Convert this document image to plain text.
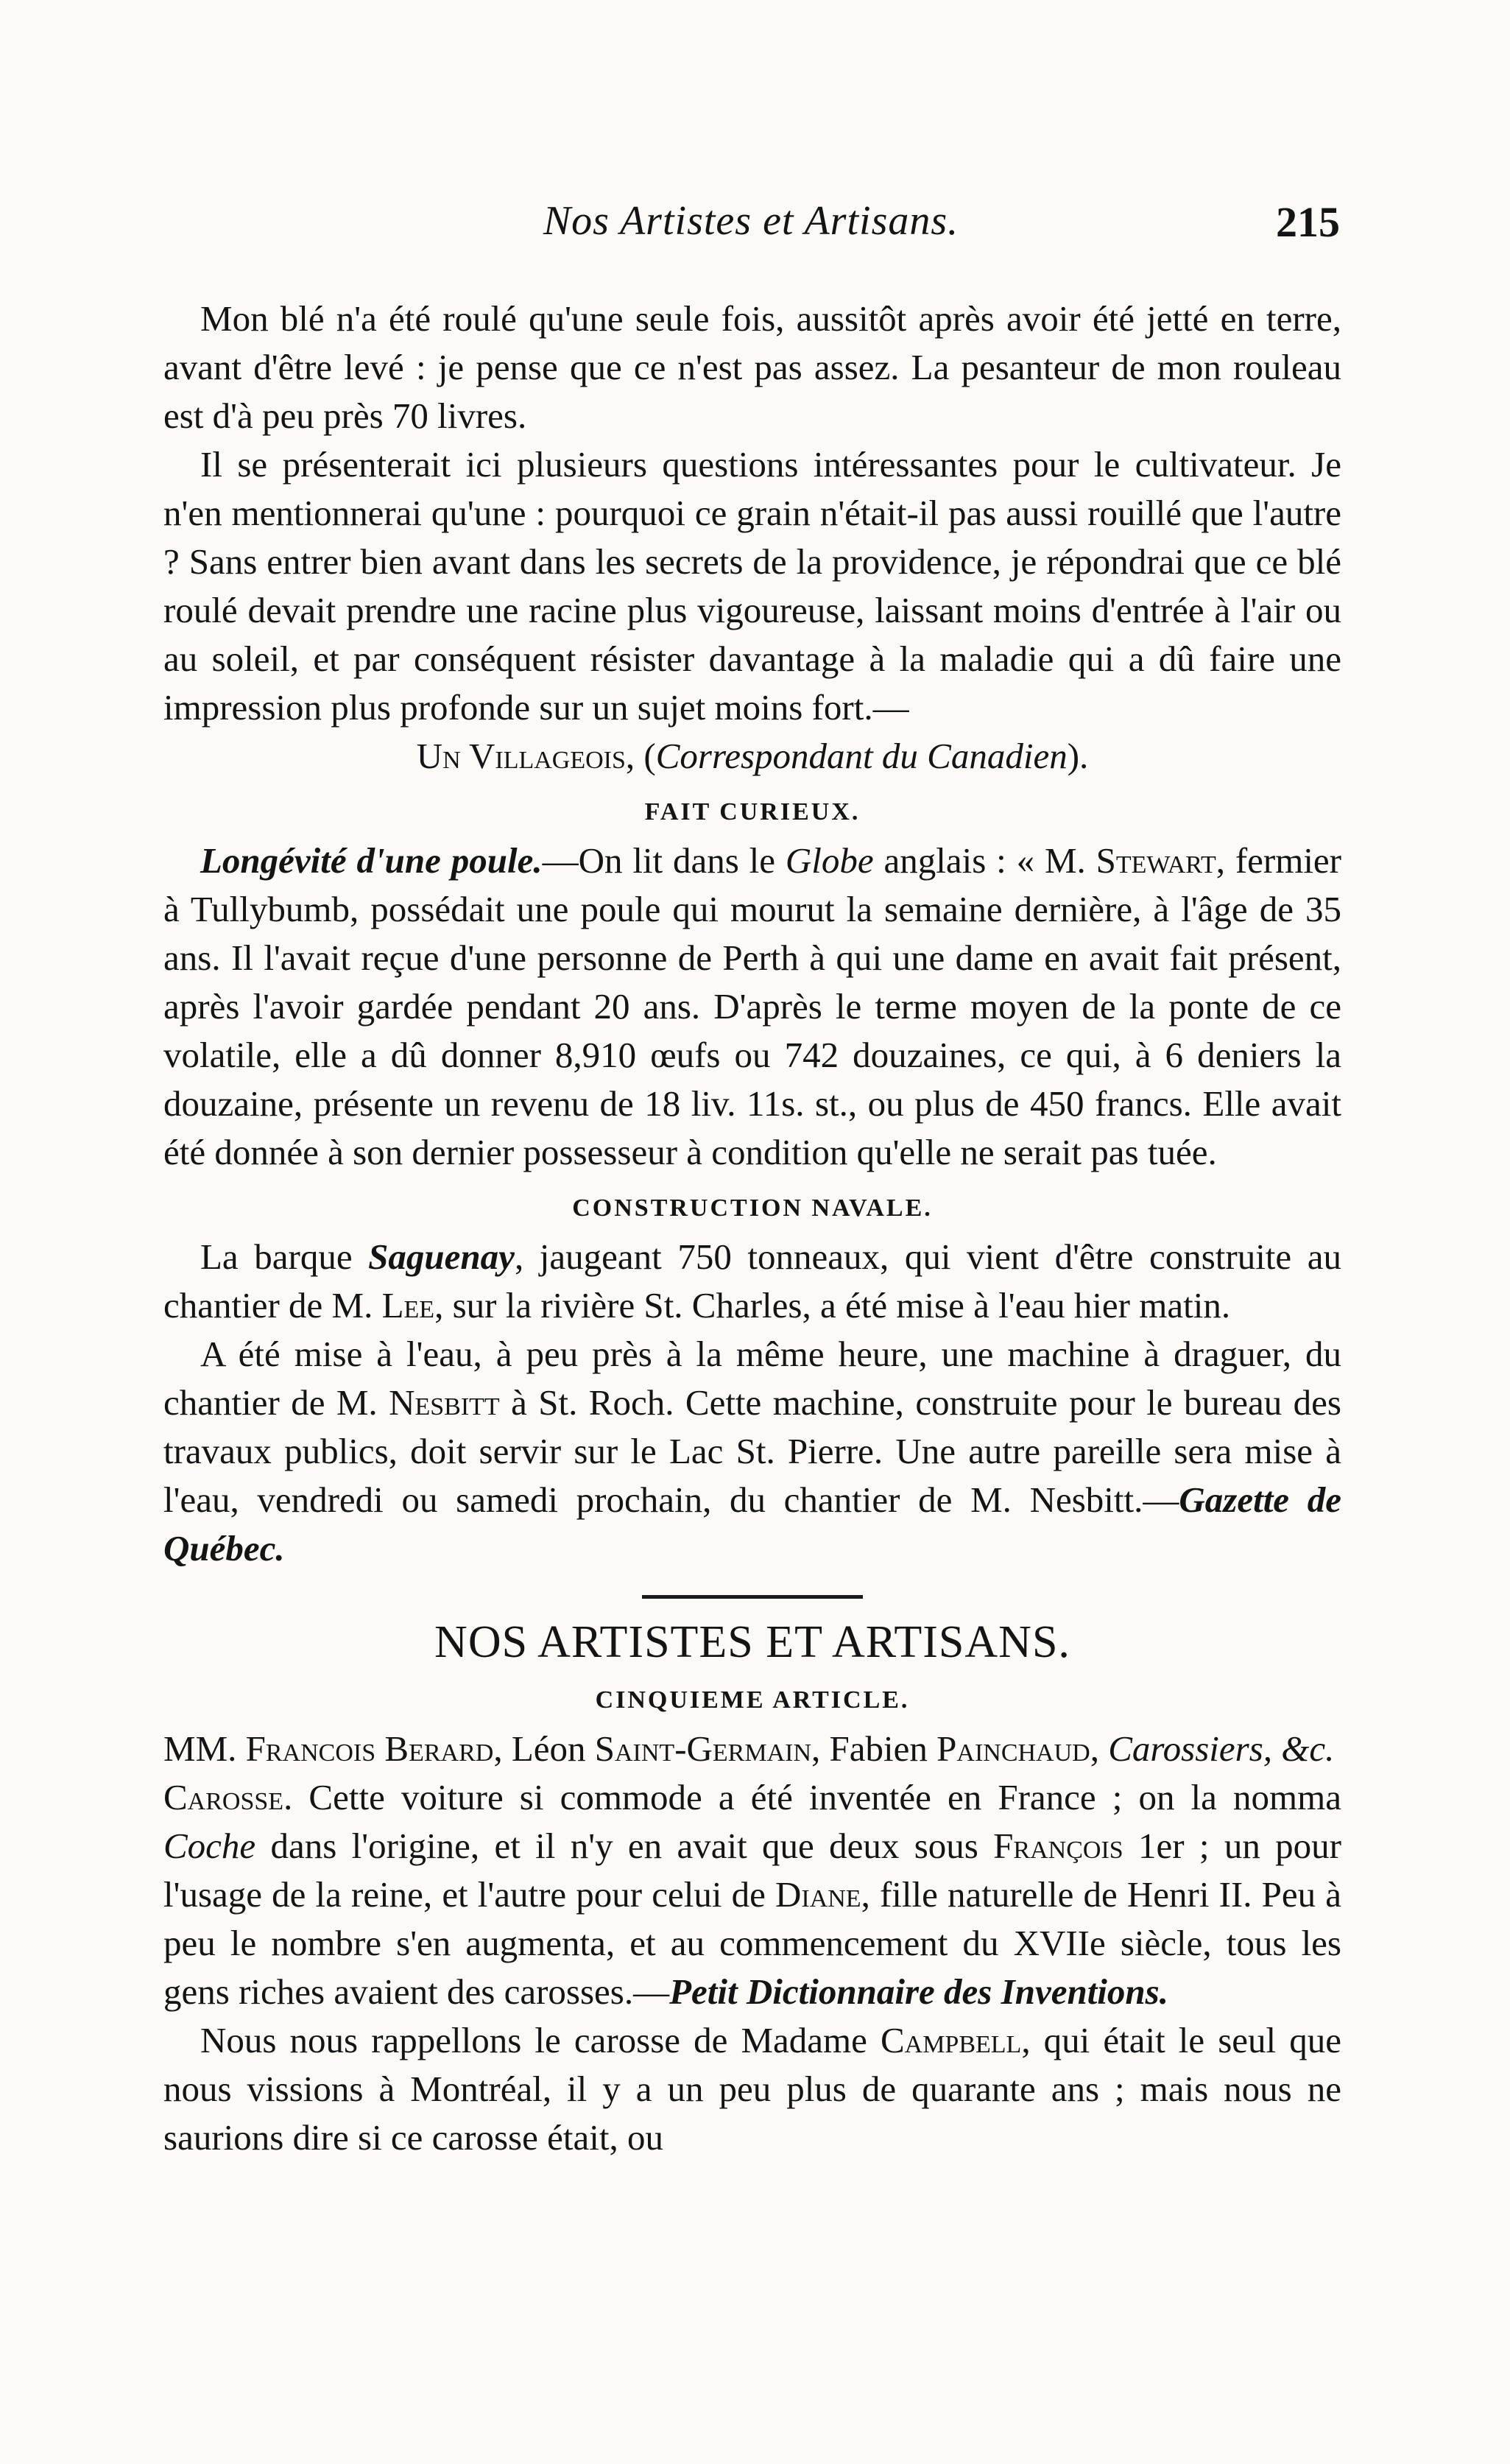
Nos Artistes et Artisans.	215

Mon blé n'a été roulé qu'une seule fois, aussitôt après avoir été jetté en terre, avant d'être levé : je pense que ce n'est pas assez. La pesanteur de mon rouleau est d'à peu près 70 livres.

Il se présenterait ici plusieurs questions intéressantes pour le cultivateur. Je n'en mentionnerai qu'une : pourquoi ce grain n'était-il pas aussi rouillé que l'autre ? Sans entrer bien avant dans les secrets de la providence, je répondrai que ce blé roulé devait prendre une racine plus vigoureuse, laissant moins d'entrée à l'air ou au soleil, et par conséquent résister davantage à la maladie qui a dû faire une impression plus profonde sur un sujet moins fort.—

Un Villageois, (Correspondant du Canadien).

FAIT CURIEUX.

Longévité d'une poule.—On lit dans le Globe anglais : « M. Stewart, fermier à Tullybumb, possédait une poule qui mourut la semaine dernière, à l'âge de 35 ans. Il l'avait reçue d'une personne de Perth à qui une dame en avait fait présent, après l'avoir gardée pendant 20 ans. D'après le terme moyen de la ponte de ce volatile, elle a dû donner 8,910 œufs ou 742 douzaines, ce qui, à 6 deniers la douzaine, présente un revenu de 18 liv. 11s. st., ou plus de 450 francs. Elle avait été donnée à son dernier possesseur à condition qu'elle ne serait pas tuée.

CONSTRUCTION NAVALE.

La barque Saguenay, jaugeant 750 tonneaux, qui vient d'être construite au chantier de M. Lee, sur la rivière St. Charles, a été mise à l'eau hier matin.

A été mise à l'eau, à peu près à la même heure, une machine à draguer, du chantier de M. Nesbitt à St. Roch. Cette machine, construite pour le bureau des travaux publics, doit servir sur le Lac St. Pierre. Une autre pareille sera mise à l'eau, vendredi ou samedi prochain, du chantier de M. Nesbitt.—Gazette de Québec.

NOS ARTISTES ET ARTISANS.
CINQUIEME ARTICLE.

MM. Francois Berard, Léon Saint-Germain, Fabien Painchaud, Carossiers, &c.

Carosse. Cette voiture si commode a été inventée en France ; on la nomma Coche dans l'origine, et il n'y en avait que deux sous François 1er ; un pour l'usage de la reine, et l'autre pour celui de Diane, fille naturelle de Henri II. Peu à peu le nombre s'en augmenta, et au commencement du XVIIe siècle, tous les gens riches avaient des carosses.—Petit Dictionnaire des Inventions.

Nous nous rappellons le carosse de Madame Campbell, qui était le seul que nous vissions à Montréal, il y a un peu plus de quarante ans ; mais nous ne saurions dire si ce carosse était, ou
